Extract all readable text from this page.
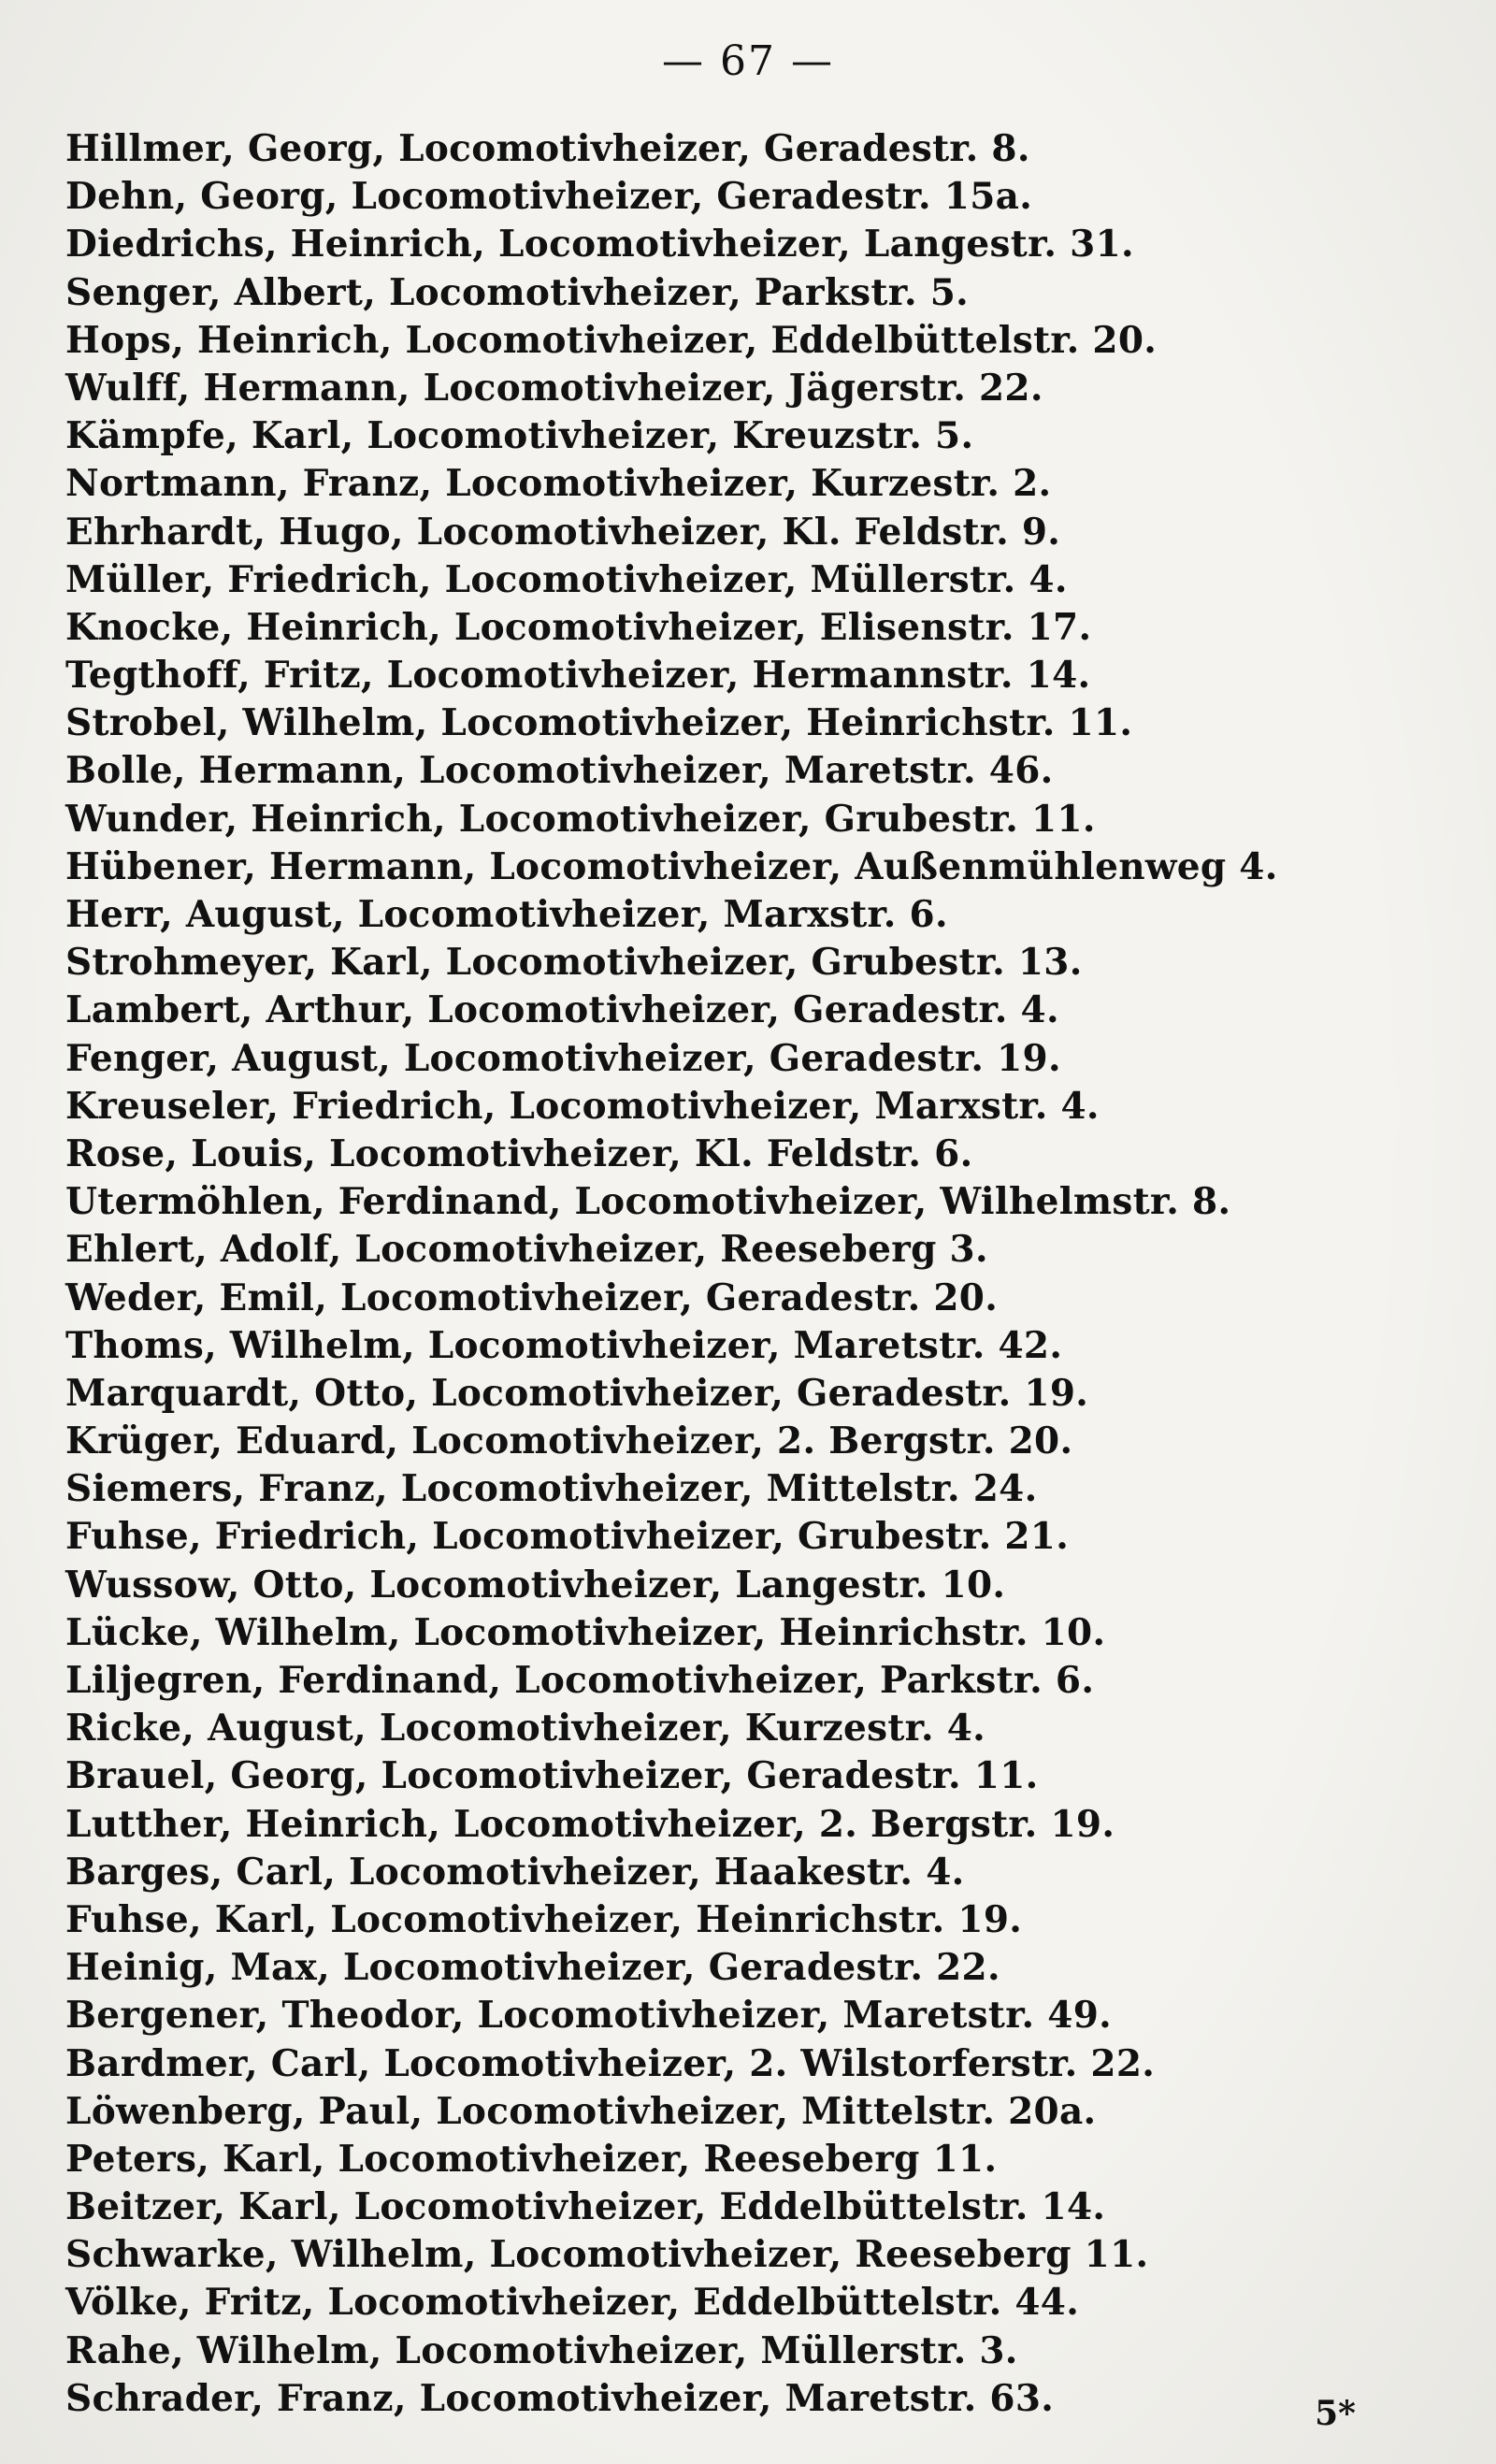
— 67 —
Hillmer, Georg, Locomotivheizer, Geradestr. 8.
Dehn, Georg, Locomotivheizer, Geradestr. 15a.
Diedrichs, Heinrich, Locomotivheizer, Langestr. 31.
Senger, Albert, Locomotivheizer, Parkstr. 5.
Hops, Heinrich, Locomotivheizer, Eddelbüttelstr. 20.
Wulff, Hermann, Locomotivheizer, Jägerstr. 22.
Kämpfe, Karl, Locomotivheizer, Kreuzstr. 5.
Nortmann, Franz, Locomotivheizer, Kurzestr. 2.
Ehrhardt, Hugo, Locomotivheizer, Kl. Feldstr. 9.
Müller, Friedrich, Locomotivheizer, Müllerstr. 4.
Knocke, Heinrich, Locomotivheizer, Elisenstr. 17.
Tegthoff, Fritz, Locomotivheizer, Hermannstr. 14.
Strobel, Wilhelm, Locomotivheizer, Heinrichstr. 11.
Bolle, Hermann, Locomotivheizer, Maretstr. 46.
Wunder, Heinrich, Locomotivheizer, Grubestr. 11.
Hübener, Hermann, Locomotivheizer, Außenmühlenweg 4.
Herr, August, Locomotivheizer, Marxstr. 6.
Strohmeyer, Karl, Locomotivheizer, Grubestr. 13.
Lambert, Arthur, Locomotivheizer, Geradestr. 4.
Fenger, August, Locomotivheizer, Geradestr. 19.
Kreuseler, Friedrich, Locomotivheizer, Marxstr. 4.
Rose, Louis, Locomotivheizer, Kl. Feldstr. 6.
Utermöhlen, Ferdinand, Locomotivheizer, Wilhelmstr. 8.
Ehlert, Adolf, Locomotivheizer, Reeseberg 3.
Weder, Emil, Locomotivheizer, Geradestr. 20.
Thoms, Wilhelm, Locomotivheizer, Maretstr. 42.
Marquardt, Otto, Locomotivheizer, Geradestr. 19.
Krüger, Eduard, Locomotivheizer, 2. Bergstr. 20.
Siemers, Franz, Locomotivheizer, Mittelstr. 24.
Fuhse, Friedrich, Locomotivheizer, Grubestr. 21.
Wussow, Otto, Locomotivheizer, Langestr. 10.
Lücke, Wilhelm, Locomotivheizer, Heinrichstr. 10.
Liljegren, Ferdinand, Locomotivheizer, Parkstr. 6.
Ricke, August, Locomotivheizer, Kurzestr. 4.
Brauel, Georg, Locomotivheizer, Geradestr. 11.
Lutther, Heinrich, Locomotivheizer, 2. Bergstr. 19.
Barges, Carl, Locomotivheizer, Haakestr. 4.
Fuhse, Karl, Locomotivheizer, Heinrichstr. 19.
Heinig, Max, Locomotivheizer, Geradestr. 22.
Bergener, Theodor, Locomotivheizer, Maretstr. 49.
Bardmer, Carl, Locomotivheizer, 2. Wilstorferstr. 22.
Löwenberg, Paul, Locomotivheizer, Mittelstr. 20a.
Peters, Karl, Locomotivheizer, Reeseberg 11.
Beitzer, Karl, Locomotivheizer, Eddelbüttelstr. 14.
Schwarke, Wilhelm, Locomotivheizer, Reeseberg 11.
Völke, Fritz, Locomotivheizer, Eddelbüttelstr. 44.
Rahe, Wilhelm, Locomotivheizer, Müllerstr. 3.
Schrader, Franz, Locomotivheizer, Maretstr. 63.	5*
